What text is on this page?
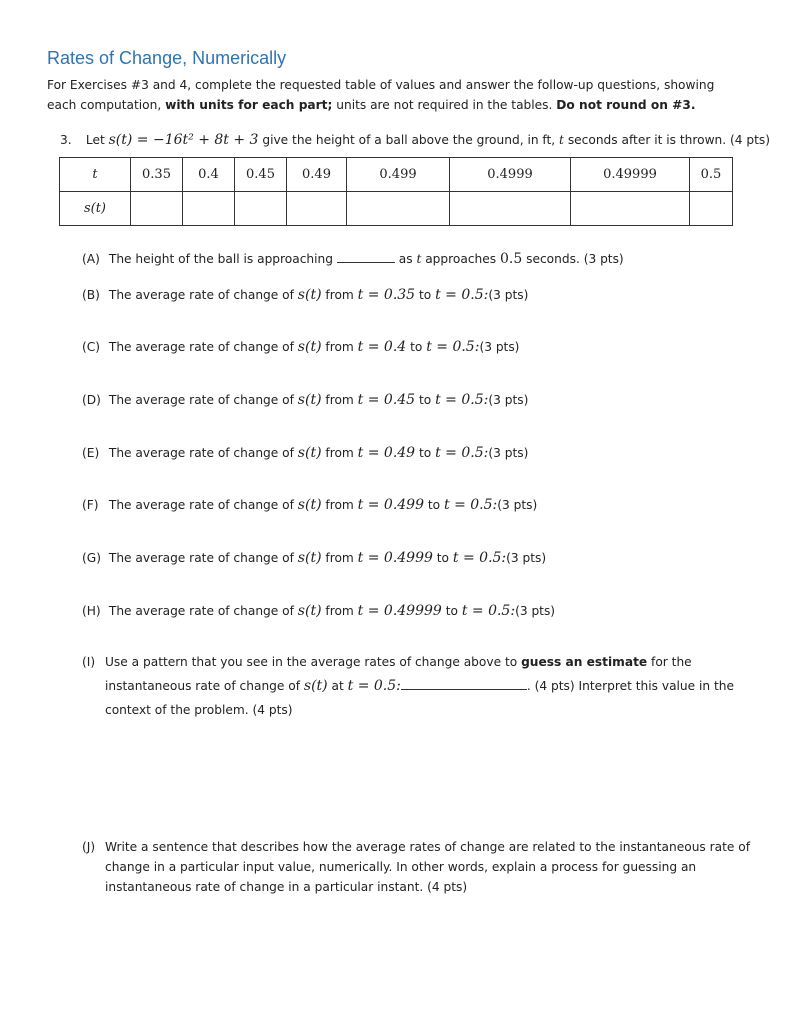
Rates of Change, Numerically
For Exercises #3 and 4, complete the requested table of values and answer the follow-up questions, showing each computation, with units for each part; units are not required in the tables. Do not round on #3.
3. Let s(t) = −16t² + 8t + 3 give the height of a ball above the ground, in ft, t seconds after it is thrown. (4 pts)
t	0.35	0.4	0.45	0.49	0.499	0.4999	0.49999	0.5
s(t)								
(A) The height of the ball is approaching	as t approaches 0.5 seconds. (3 pts)
(B) The average rate of change of s(t) from t = 0.35 to t = 0.5:(3 pts)
(C) The average rate of change of s(t) from t = 0.4 to t = 0.5:(3 pts)
(D) The average rate of change of s(t) from t = 0.45 to t = 0.5:(3 pts)
(E) The average rate of change of s(t) from t = 0.49 to t = 0.5:(3 pts)
(F) The average rate of change of s(t) from t = 0.499 to t = 0.5:(3 pts)
(G) The average rate of change of s(t) from t = 0.4999 to t = 0.5:(3 pts)
(H) The average rate of change of s(t) from t = 0.49999 to t = 0.5:(3 pts)
(I) Use a pattern that you see in the average rates of change above to guess an estimate for the instantaneous rate of change of s(t) at t = 0.5:	. (4 pts) Interpret this value in the context of the problem. (4 pts)
(J) Write a sentence that describes how the average rates of change are related to the instantaneous rate of change in a particular input value, numerically. In other words, explain a process for guessing an instantaneous rate of change in a particular instant. (4 pts)
